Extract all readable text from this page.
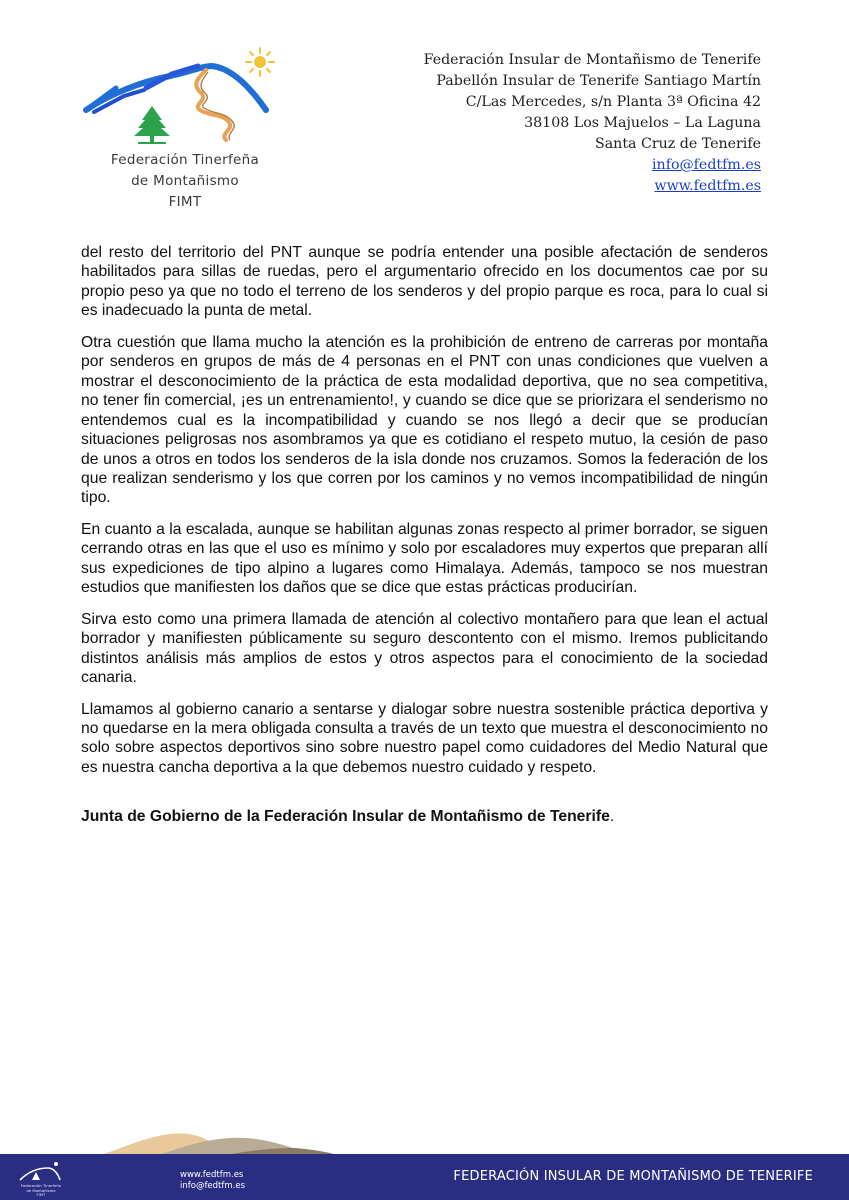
Federación Tinerfeña
de Montañismo
FIMT
Federación Insular de Montañismo de Tenerife
Pabellón Insular de Tenerife Santiago Martín
C/Las Mercedes, s/n Planta 3ª Oficina 42
38108 Los Majuelos – La Laguna
Santa Cruz de Tenerife
info@fedtfm.es
www.fedtfm.es

del resto del territorio del PNT aunque se podría entender una posible afectación de senderos habilitados para sillas de ruedas, pero el argumentario ofrecido en los documentos cae por su propio peso ya que no todo el terreno de los senderos y del propio parque es roca, para lo cual si es inadecuado la punta de metal.

Otra cuestión que llama mucho la atención es la prohibición de entreno de carreras por montaña por senderos en grupos de más de 4 personas en el PNT con unas condiciones que vuelven a mostrar el desconocimiento de la práctica de esta modalidad deportiva, que no sea competitiva, no tener fin comercial, ¡es un entrenamiento!, y cuando se dice que se priorizara el senderismo no entendemos cual es la incompatibilidad y cuando se nos llegó a decir que se producían situaciones peligrosas nos asombramos ya que es cotidiano el respeto mutuo, la cesión de paso de unos a otros en todos los senderos de la isla donde nos cruzamos. Somos la federación de los que realizan senderismo y los que corren por los caminos y no vemos incompatibilidad de ningún tipo.

En cuanto a la escalada, aunque se habilitan algunas zonas respecto al primer borrador, se siguen cerrando otras en las que el uso es mínimo y solo por escaladores muy expertos que preparan allí sus expediciones de tipo alpino a lugares como Himalaya. Además, tampoco se nos muestran estudios que manifiesten los daños que se dice que estas prácticas producirían.

Sirva esto como una primera llamada de atención al colectivo montañero para que lean el actual borrador y manifiesten públicamente su seguro descontento con el mismo. Iremos publicitando distintos análisis más amplios de estos y otros aspectos para el conocimiento de la sociedad canaria.

Llamamos al gobierno canario a sentarse y dialogar sobre nuestra sostenible práctica deportiva y no quedarse en la mera obligada consulta a través de un texto que muestra el desconocimiento no solo sobre aspectos deportivos sino sobre nuestro papel como cuidadores del Medio Natural que es nuestra cancha deportiva a la que debemos nuestro cuidado y respeto.

Junta de Gobierno de la Federación Insular de Montañismo de Tenerife.

Federación Tinerfeña
de Montañismo
FIMT
www.fedtfm.es
info@fedtfm.es
FEDERACIÓN INSULAR DE MONTAÑISMO DE TENERIFE
